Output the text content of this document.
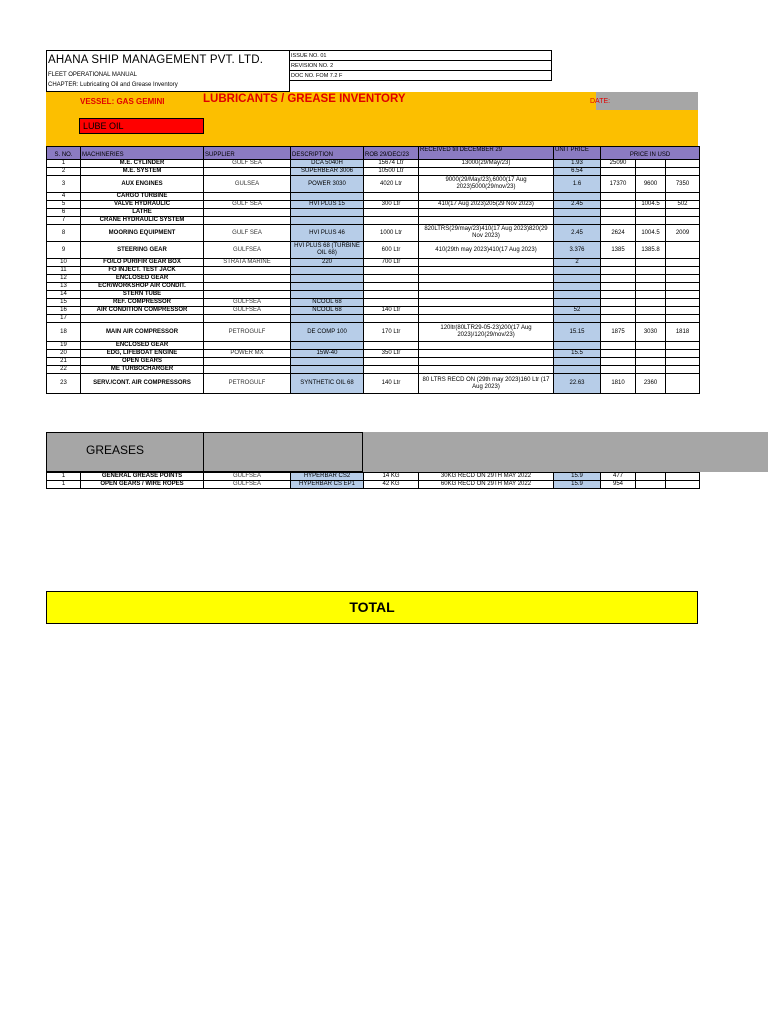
AHANA SHIP MANAGEMENT PVT. LTD.
FLEET OPERATIONAL MANUAL
CHAPTER: Lubricating Oil and Grease Inventory
ISSUE NO. 01
REVISION NO. 2
DOC NO. FOM 7.2 F
VESSEL: GAS GEMINI	LUBRICANTS / GREASE INVENTORY	DATE:
LUBE OIL
S. NO.	MACHINERIES	SUPPLIER	DESCRIPTION	ROB 29/DEC/23	RECEIVED till DECEMBER 29	UNIT PRICE	PRICE IN USD		
1	M.E. CYLINDER	GULF SEA	DCA 5040H	15674 Ltr	13000(29/May/23)	1.93	25090		
2	M.E. SYSTEM		SUPERBEAR 3006	10500 Ltr		6.54			
3	AUX ENGINES	GULSEA	POWER 3030	4020 Ltr	9000(29/May/23),6000(17 Aug 2023)5000(29/nov/23)	1.6	17370	9600	7350
4	CARGO TURBINE								
5	VALVE HYDRAULIC	GULF SEA	HVI PLUS 15	300 Ltr	410(17 Aug 2023)205(29 Nov 2023)	2.45		1004.5	502
6	LATHE								
7	CRANE HYDRAULIC SYSTEM								
8	MOORING EQUIPMENT	GULF SEA	HVI PLUS 46	1000 Ltr	820LTRS(29/may/23)410(17 Aug 2023)820(29 Nov 2023)	2.45	2624	1004.5	2009
9	STEERING GEAR	GULFSEA	HVI PLUS 68 (TURBINE OIL 68)	600 Ltr	410(29th may 2023)410(17 Aug 2023)	3.376	1385	1385.8	
10	FO/LO PURIFIR GEAR BOX	STRATA MARINE	220	700 Ltr		2			
11	FO INJECT. TEST JACK								
12	ENCLOSED GEAR								
13	ECR/WORKSHOP AIR CONDIT.								
14	STERN TUBE								
15	REF. COMPRESSOR	GULFSEA	NCOOL 68						
16	AIR CONDITION COMPRESSOR	GULFSEA	NCOOL 68	140 Ltr		52			
17									
18	MAIN AIR COMPRESSOR	PETROGULF	DE COMP 100	170 Ltr	120ltr(80LTR29-05-23)200(17 Aug 2023)/120(29/nov/23)	15.15	1875	3030	1818
19	ENCLOSED GEAR								
20	EDG, LIFEBOAT ENGINE	POWER MX	15W-40	350 Ltr		15.5			
21	OPEN GEARS								
22	ME TURBOCHARGER								
23	SERV./CONT. AIR COMPRESSORS	PETROGULF	SYNTHETIC OIL 68	140 Ltr	80 LTRS RECD ON (29th may 2023)160 Ltr (17 Aug 2023)	22.63	1810	2360	
GREASES
1	GENERAL GREASE POINTS	GULFSEA	HYPERBAR CS2	14 KG	30KG RECD ON 29TH MAY 2022	15.9	477		
1	OPEN GEARS / WIRE ROPES	GULFSEA	HYPERBAR CS EP1	42 KG	60KG RECD ON 29TH MAY 2022	15.9	954		
TOTAL
